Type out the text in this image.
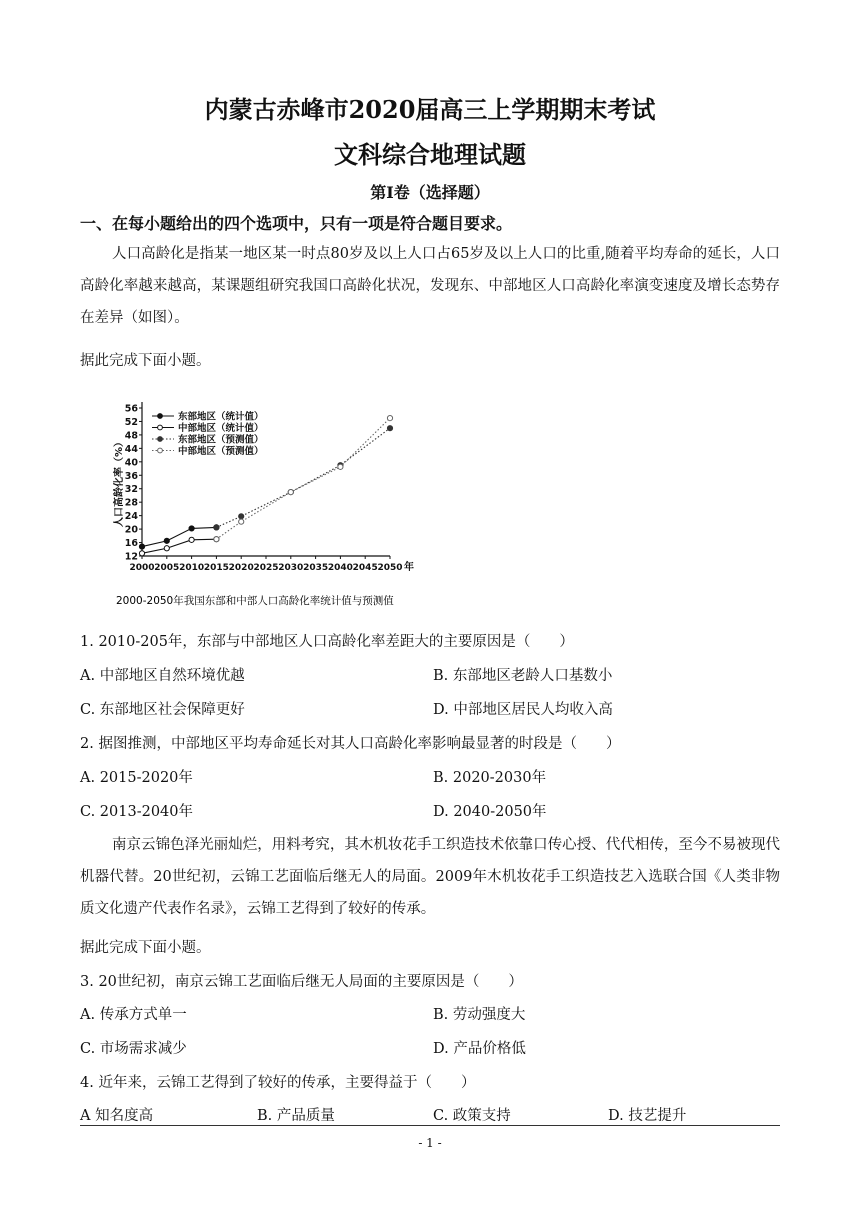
内蒙古赤峰市2020届高三上学期期末考试
文科综合地理试题
第Ⅰ卷（选择题）
一、在每小题给出的四个选项中，只有一项是符合题目要求。
人口高龄化是指某一地区某一时点80岁及以上人口占65岁及以上人口的比重,随着平均寿命的延长，人口高龄化率越来越高，某课题组研究我国口高龄化状况，发现东、中部地区人口高龄化率演变速度及增长态势存在差异（如图）。
据此完成下面小题。
12
16
20
24
28
32
36
40
44
48
52
56
2000 2005 2010 2015 2020 2025 2030 2035 2040 2045 2050 年
人口高龄化率（%）
东部地区（统计值）
中部地区（统计值）
东部地区（预测值）
中部地区（预测值）
2000-2050年我国东部和中部人口高龄化率统计值与预测值
1. 2010-205年，东部与中部地区人口高龄化率差距大的主要原因是（　　）
A. 中部地区自然环境优越	B. 东部地区老龄人口基数小
C. 东部地区社会保障更好	D. 中部地区居民人均收入高
2. 据图推测，中部地区平均寿命延长对其人口高龄化率影响最显著的时段是（　　）
A. 2015-2020年	B. 2020-2030年
C. 2013-2040年	D. 2040-2050年
南京云锦色泽光丽灿烂，用料考究，其木机妆花手工织造技术依靠口传心授、代代相传，至今不易被现代机器代替。20世纪初，云锦工艺面临后继无人的局面。2009年木机妆花手工织造技艺入选联合国《人类非物质文化遗产代表作名录》，云锦工艺得到了较好的传承。
据此完成下面小题。
3. 20世纪初，南京云锦工艺面临后继无人局面的主要原因是（　　）
A. 传承方式单一	B. 劳动强度大
C. 市场需求减少	D. 产品价格低
4. 近年来，云锦工艺得到了较好的传承，主要得益于（　　）
A 知名度高	B. 产品质量	C. 政策支持	D. 技艺提升
- 1 -
